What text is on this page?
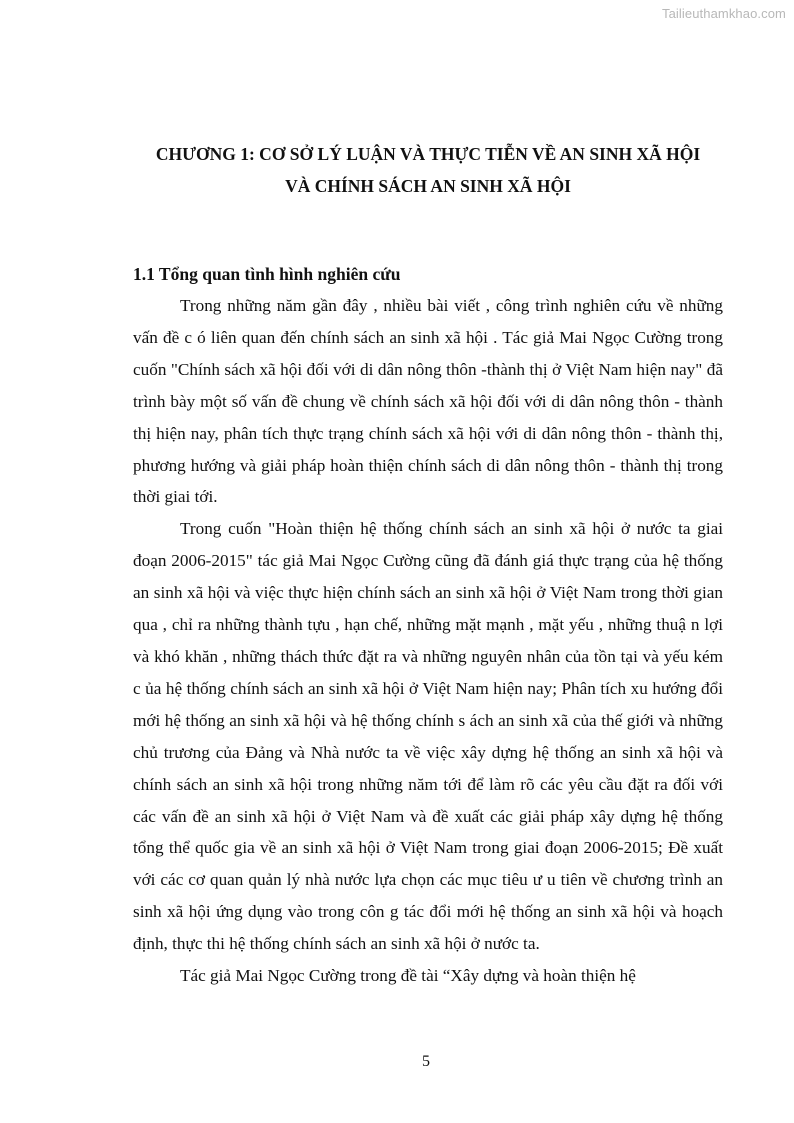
Tailieuthamkhao.com
CHƯƠNG 1: CƠ SỞ LÝ LUẬN VÀ THỰC TIỄN VỀ AN SINH XÃ HỘI
VÀ CHÍNH SÁCH AN SINH XÃ HỘI
1.1 Tổng quan tình hình nghiên cứu

Trong những năm gần đây , nhiều bài viết , công trình nghiên cứu về những vấn đề c ó liên quan đến chính sách an sinh xã hội . Tác giả Mai Ngọc Cường trong cuốn "Chính sách xã hội đối với di dân nông thôn -thành thị ở Việt Nam hiện nay" đã trình bày một số vấn đề chung về chính sách xã hội đối với di dân nông thôn - thành thị hiện nay, phân tích thực trạng chính sách xã hội với di dân nông thôn - thành thị, phương hướng và giải pháp hoàn thiện chính sách di dân nông thôn - thành thị trong thời giai tới.

Trong cuốn "Hoàn thiện hệ thống chính sách an sinh xã hội ở nước ta giai đoạn 2006-2015" tác giả Mai Ngọc Cường cũng đã đánh giá thực trạng của hệ thống an sinh xã hội và việc thực hiện chính sách an sinh xã hội ở Việt Nam trong thời gian qua , chỉ ra những thành tựu , hạn chế, những mặt mạnh , mặt yếu , những thuậ n lợi và khó khăn , những thách thức đặt ra và những nguyên nhân của tồn tại và yếu kém c ủa hệ thống chính sách an sinh xã hội ở Việt Nam hiện nay; Phân tích xu hướng đổi mới hệ thống an sinh xã hội và hệ thống chính s ách an sinh xã của thế giới và những chủ trương của Đảng và Nhà nước ta về việc xây dựng hệ thống an sinh xã hội và chính sách an sinh xã hội trong những năm tới để làm rõ các yêu cầu đặt ra đối với các vấn đề an sinh xã hội ở Việt Nam và đề xuất các giải pháp xây dựng hệ thống tổng thể quốc gia về an sinh xã hội ở Việt Nam trong giai đoạn 2006-2015; Đề xuất với các cơ quan quản lý nhà nước lựa chọn các mục tiêu ư u tiên về chương trình an sinh xã hội ứng dụng vào trong côn g tác đổi mới hệ thống an sinh xã hội và hoạch định, thực thi hệ thống chính sách an sinh xã hội ở nước ta.

Tác giả Mai Ngọc Cường trong đề tài “Xây dựng và hoàn thiện hệ

5
